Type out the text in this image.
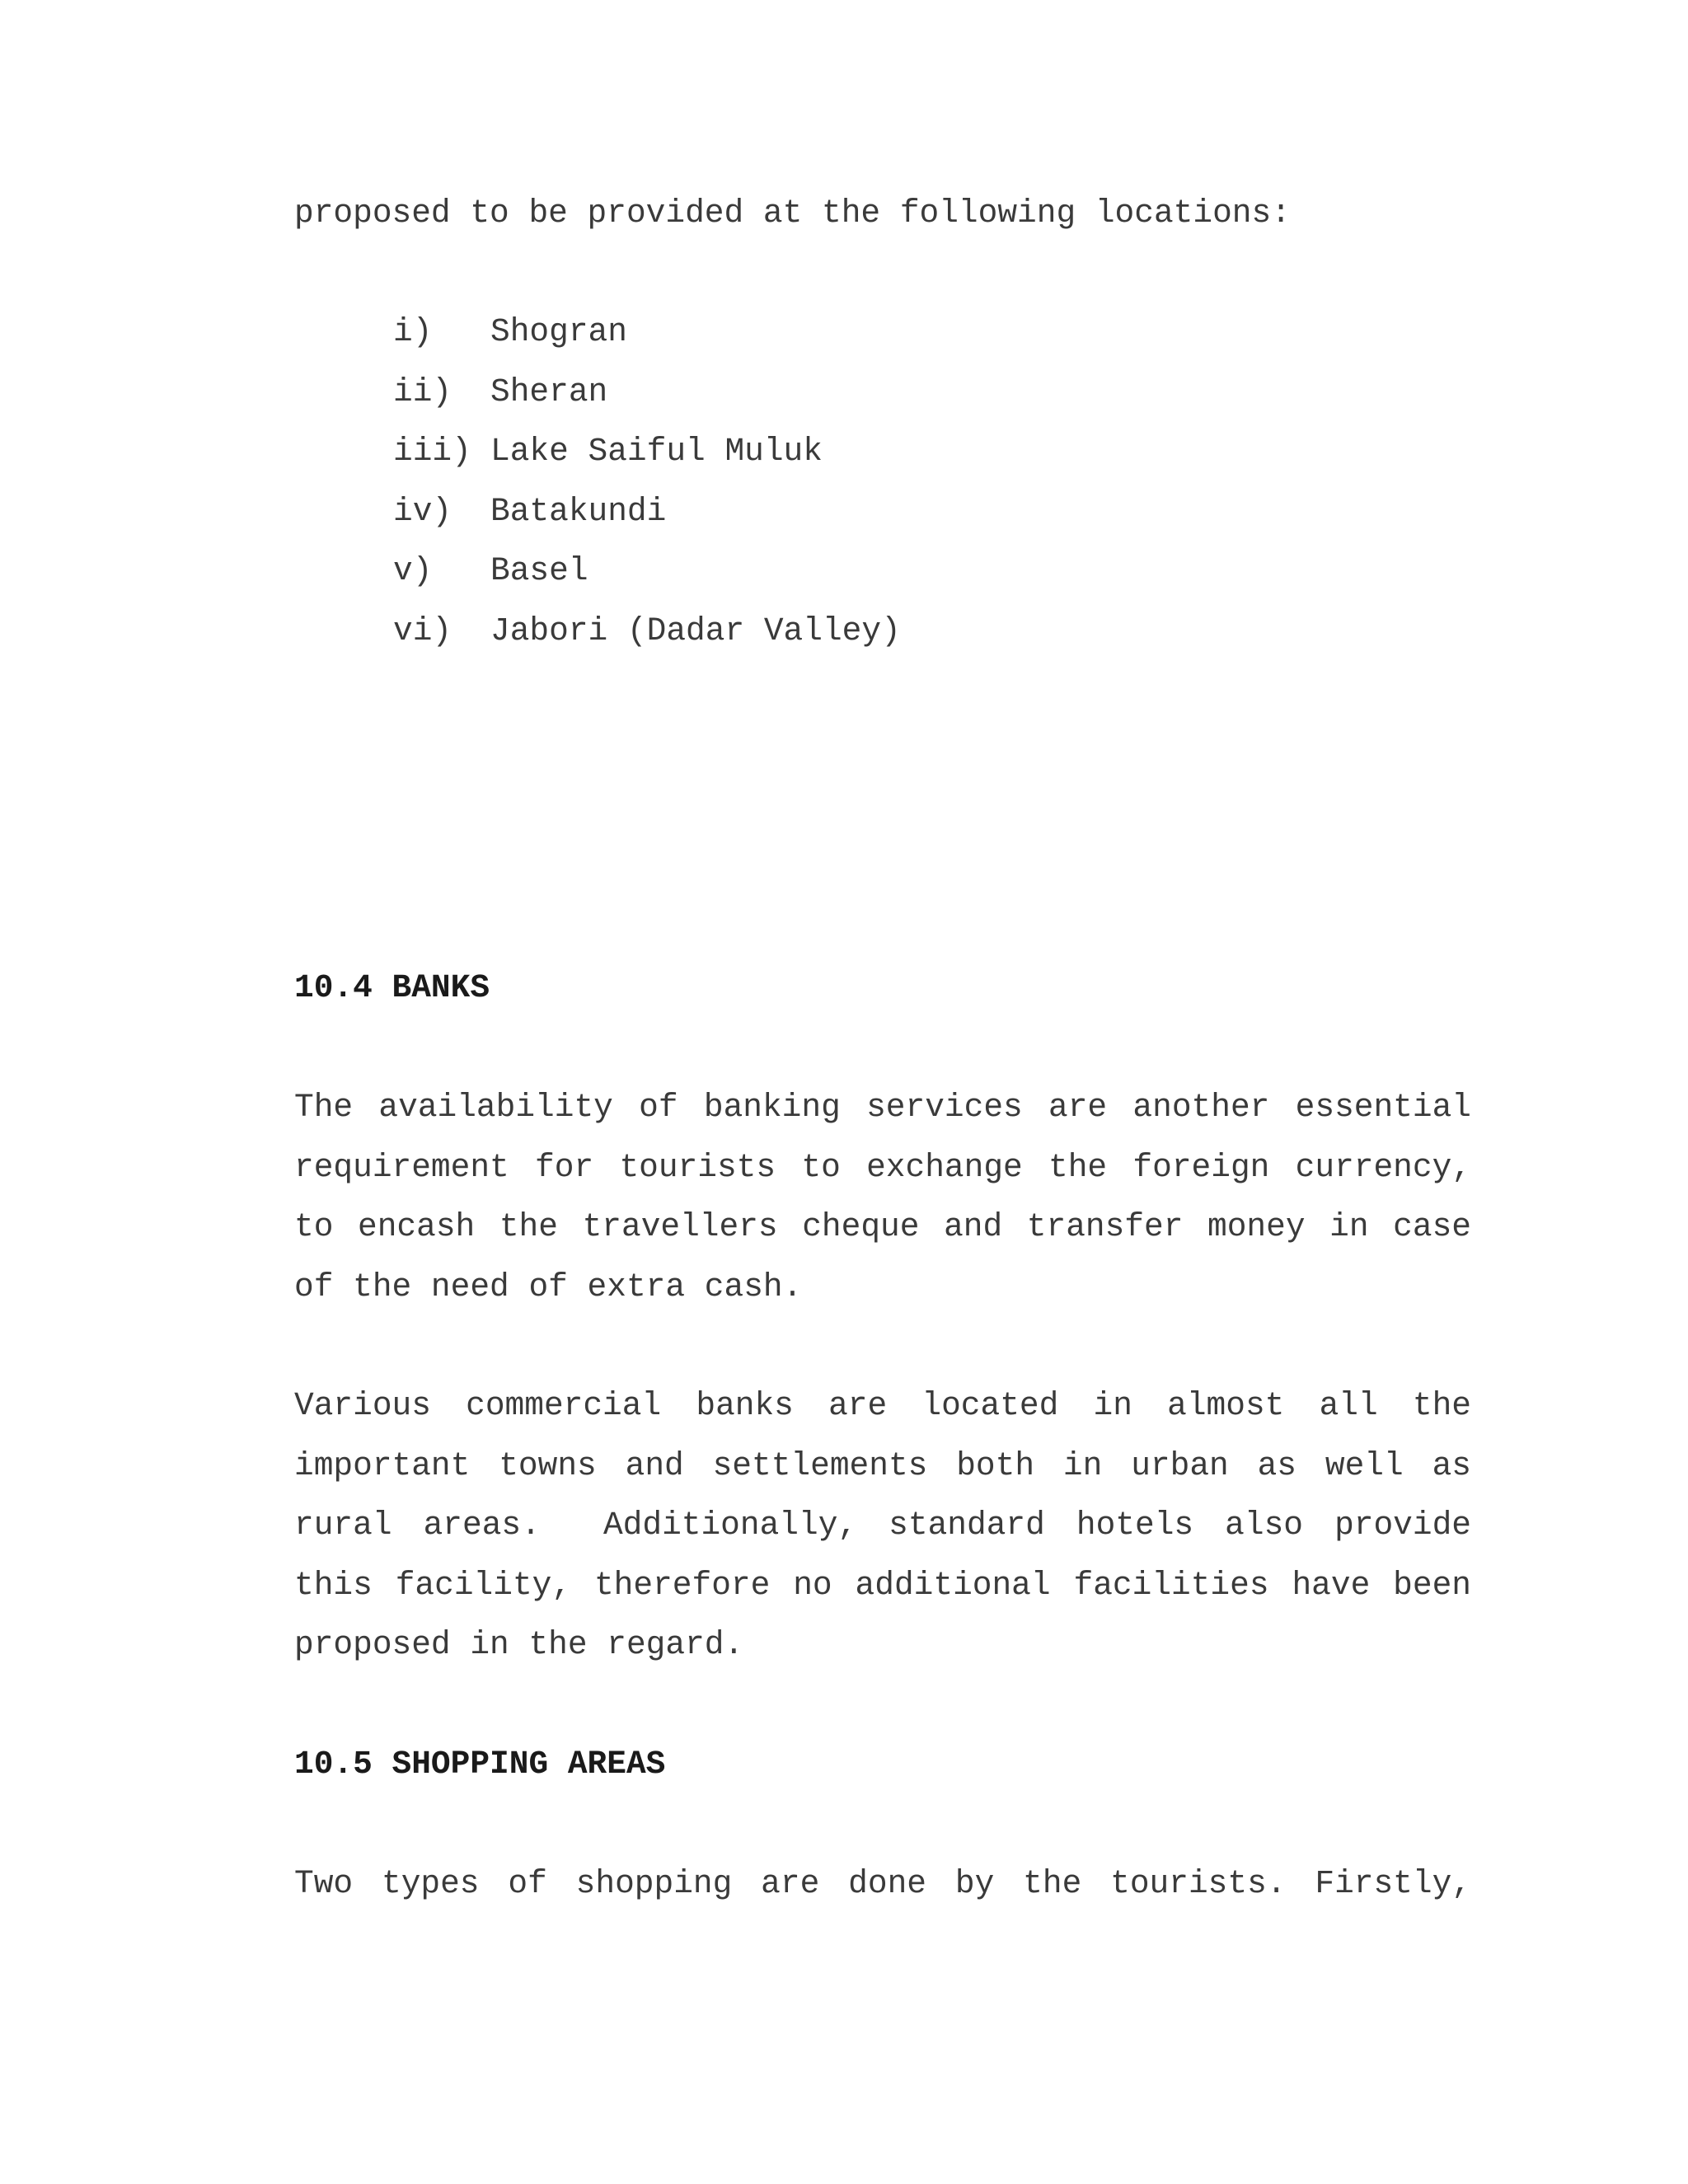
proposed to be provided at the following locations:

i)	Shogran
ii)	Sheran
iii) Lake Saiful Muluk
iv)	Batakundi
v)	Basel
vi)	Jabori (Dadar Valley)
10.4 BANKS
The availability of banking services are another essential
requirement for tourists to exchange the foreign currency,
to encash the travellers cheque and transfer money in case
of the need of extra cash.
Various commercial banks are located in almost all the
important towns and settlements both in urban as well as
rural areas.  Additionally, standard hotels also provide
this facility, therefore no additional facilities have been
proposed in the regard.
10.5 SHOPPING AREAS
Two types of shopping are done by the tourists. Firstly,
